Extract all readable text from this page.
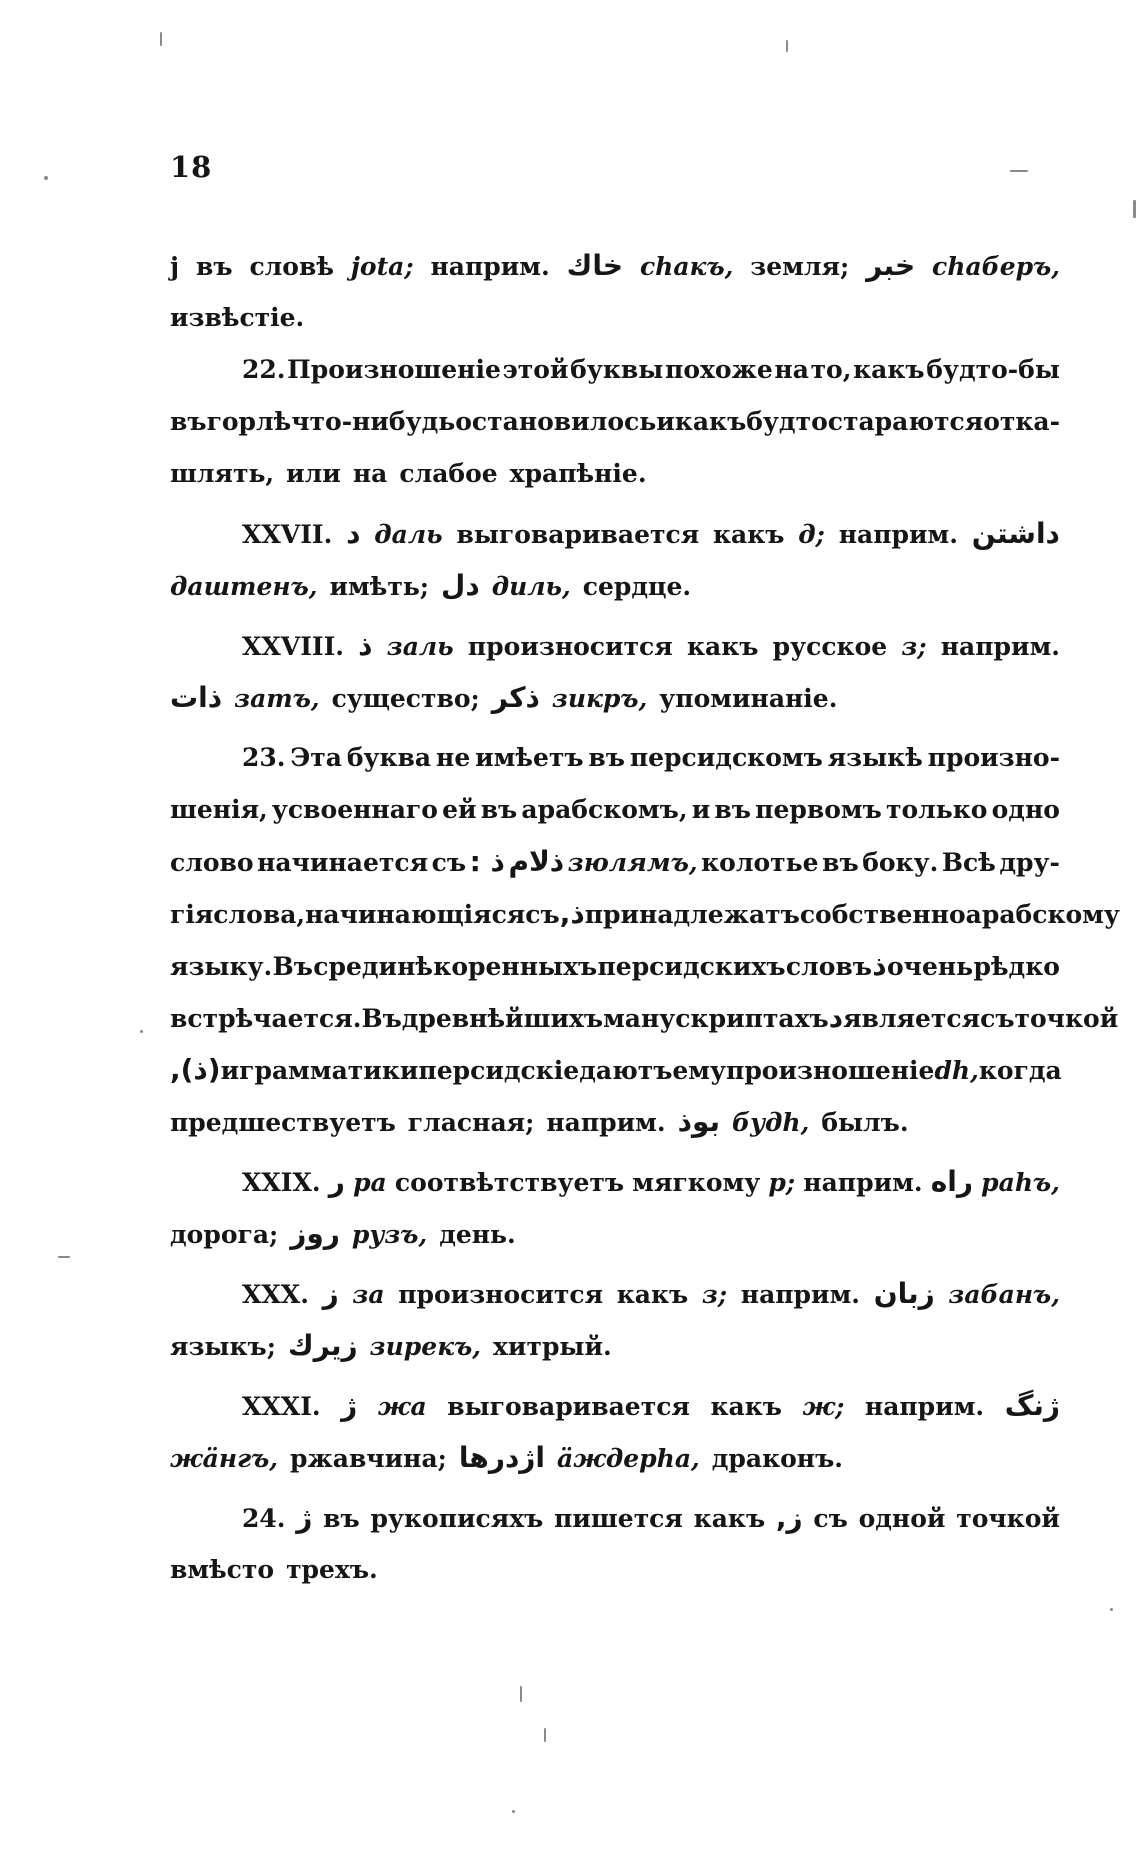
18
j въ словѣ jota; наприм. خاك chакъ, земля; خبر chаберъ,
извѣстіе.
22. Произношеніе этой буквы похоже на то, какъ будто-бы
въ горлѣ что-нибудь остановилось и какъ будто стараются отка-
шлять, или на слабое храпѣніе.
XXVII. د даль выговаривается какъ д; наприм. داشتن
даштенъ, имѣть; دل диль, сердце.
XXVIII. ذ заль произносится какъ русское з; наприм.
ذات затъ, существо; ذكر зикръ, упоминаніе.
23. Эта буква не имѣетъ въ персидскомъ языкѣ произно-
шенія, усвоеннаго ей въ арабскомъ, и въ первомъ только одно
слово начинается съ ذ : ذلام зюлямъ, колотье въ боку. Всѣ дру-
гія слова, начинающіяся съ ذ, принадлежатъ собственно арабскому
языку. Въ срединѣ коренныхъ персидскихъ словъ ذ очень рѣдко
встрѣчается. Въ древнѣйшихъ манускриптахъ د является съ точкой
(ذ), и грамматики персидскіе даютъ ему произношеніе dh, когда
предшествуетъ гласная; наприм. بوذ будh, былъ.
XXIX. ر ра соотвѣтствуетъ мягкому р; наприм. راه рahъ,
дорога; روز рузъ, день.
XXX. ز за произносится какъ з; наприм. زبان забанъ,
языкъ; زيرك зирекъ, хитрый.
XXXI. ژ жа выговаривается какъ ж; наприм. ژنگ
жäнгъ, ржавчина; اژدرها äждерhа, драконъ.
24. ژ въ рукописяхъ пишется какъ ز, съ одной точкой
вмѣсто трехъ.
